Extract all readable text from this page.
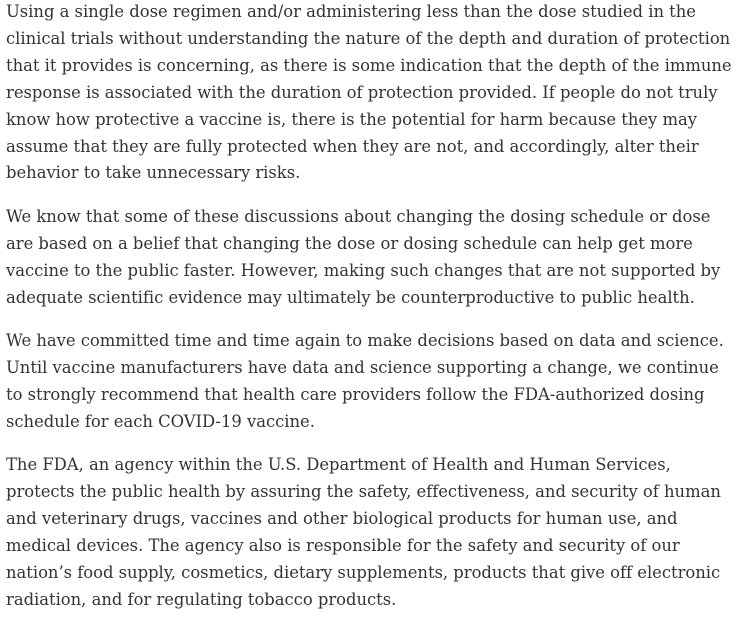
Using a single dose regimen and/or administering less than the dose studied in the clinical trials without understanding the nature of the depth and duration of protection that it provides is concerning, as there is some indication that the depth of the immune response is associated with the duration of protection provided. If people do not truly know how protective a vaccine is, there is the potential for harm because they may assume that they are fully protected when they are not, and accordingly, alter their behavior to take unnecessary risks.

We know that some of these discussions about changing the dosing schedule or dose are based on a belief that changing the dose or dosing schedule can help get more vaccine to the public faster. However, making such changes that are not supported by adequate scientific evidence may ultimately be counterproductive to public health.

We have committed time and time again to make decisions based on data and science. Until vaccine manufacturers have data and science supporting a change, we continue to strongly recommend that health care providers follow the FDA-authorized dosing schedule for each COVID-19 vaccine.

The FDA, an agency within the U.S. Department of Health and Human Services, protects the public health by assuring the safety, effectiveness, and security of human and veterinary drugs, vaccines and other biological products for human use, and medical devices. The agency also is responsible for the safety and security of our nation’s food supply, cosmetics, dietary supplements, products that give off electronic radiation, and for regulating tobacco products.
